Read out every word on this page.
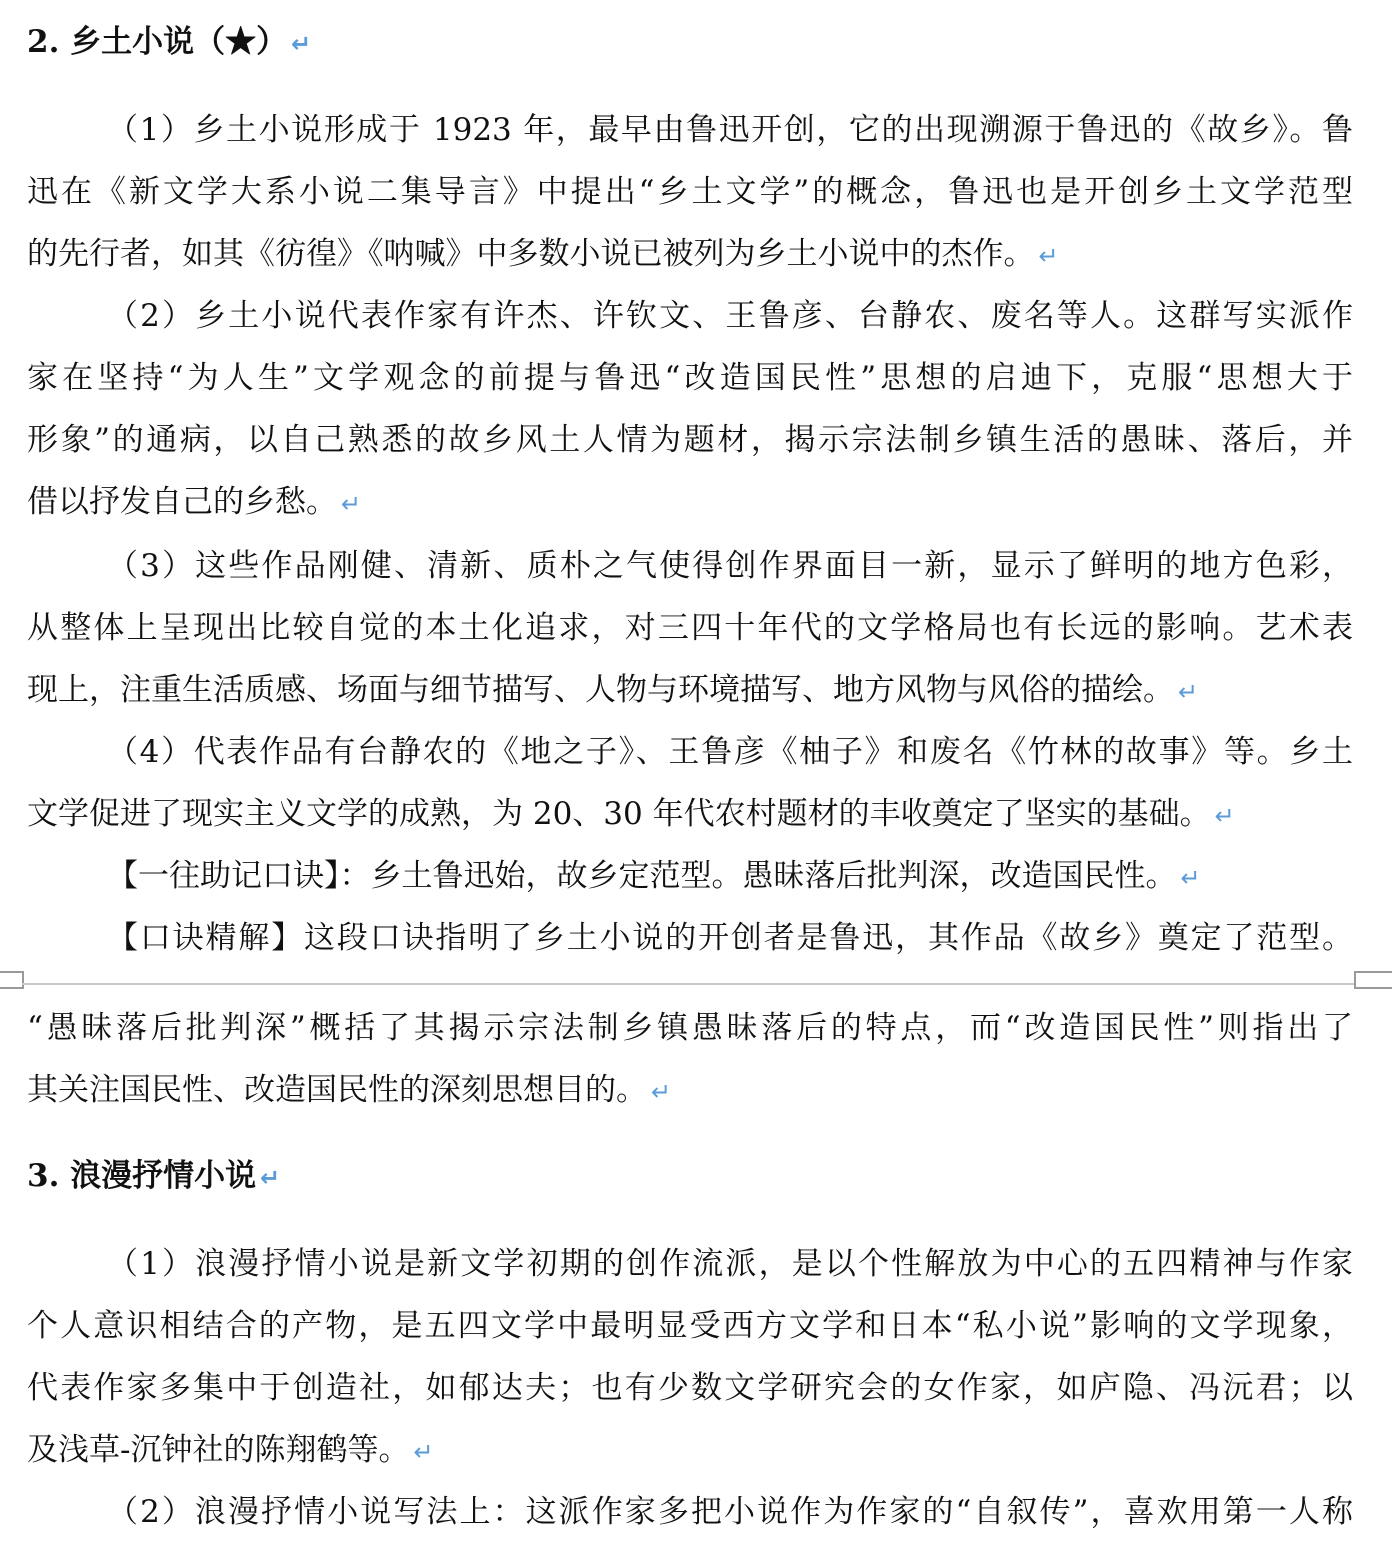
2. 乡土小说（★） ↵
（1）乡土小说形成于 1923 年，最早由鲁迅开创，它的出现溯源于鲁迅的《故乡》。鲁
迅在《新文学大系小说二集导言》中提出“乡土文学”的概念，鲁迅也是开创乡土文学范型
的先行者，如其《彷徨》《呐喊》中多数小说已被列为乡土小说中的杰作。 ↵
（2）乡土小说代表作家有许杰、许钦文、王鲁彦、台静农、废名等人。这群写实派作
家在坚持“为人生”文学观念的前提与鲁迅“改造国民性”思想的启迪下，克服“思想大于
形象”的通病，以自己熟悉的故乡风土人情为题材，揭示宗法制乡镇生活的愚昧、落后，并
借以抒发自己的乡愁。 ↵
（3）这些作品刚健、清新、质朴之气使得创作界面目一新，显示了鲜明的地方色彩，
从整体上呈现出比较自觉的本土化追求，对三四十年代的文学格局也有长远的影响。艺术表
现上，注重生活质感、场面与细节描写、人物与环境描写、地方风物与风俗的描绘。 ↵
（4）代表作品有台静农的《地之子》、王鲁彦《柚子》和废名《竹林的故事》等。乡土
文学促进了现实主义文学的成熟，为 20、30 年代农村题材的丰收奠定了坚实的基础。 ↵
【一往助记口诀】：乡土鲁迅始，故乡定范型。愚昧落后批判深，改造国民性。 ↵
【口诀精解】这段口诀指明了乡土小说的开创者是鲁迅，其作品《故乡》奠定了范型。
“愚昧落后批判深”概括了其揭示宗法制乡镇愚昧落后的特点，而“改造国民性”则指出了
其关注国民性、改造国民性的深刻思想目的。 ↵
3. 浪漫抒情小说 ↵
（1）浪漫抒情小说是新文学初期的创作流派，是以个性解放为中心的五四精神与作家
个人意识相结合的产物，是五四文学中最明显受西方文学和日本“私小说”影响的文学现象，
代表作家多集中于创造社，如郁达夫；也有少数文学研究会的女作家，如庐隐、冯沅君；以
及浅草-沉钟社的陈翔鹤等。 ↵
（2）浪漫抒情小说写法上：这派作家多把小说作为作家的“自叙传”，喜欢用第一人称
